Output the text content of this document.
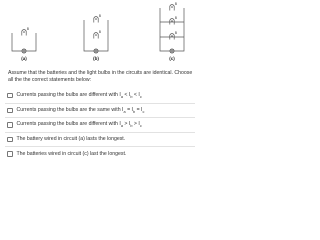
B
(a)
B
B
(b)
B
B
B
(c)
Assume that the batteries and the light bulbs in the circuits are identical. Choose all the the correct statements below:
Currents passing the bulbs are different with $I_a < I_b < I_c$
Currents passing the bulbs are the same with $I_a = I_b = I_c$
Currents passing the bulbs are different with $I_a > I_b > I_c$
The battery wired in circuit (a) lasts the longest.
The batteries wired in circuit (c) last the longest.
